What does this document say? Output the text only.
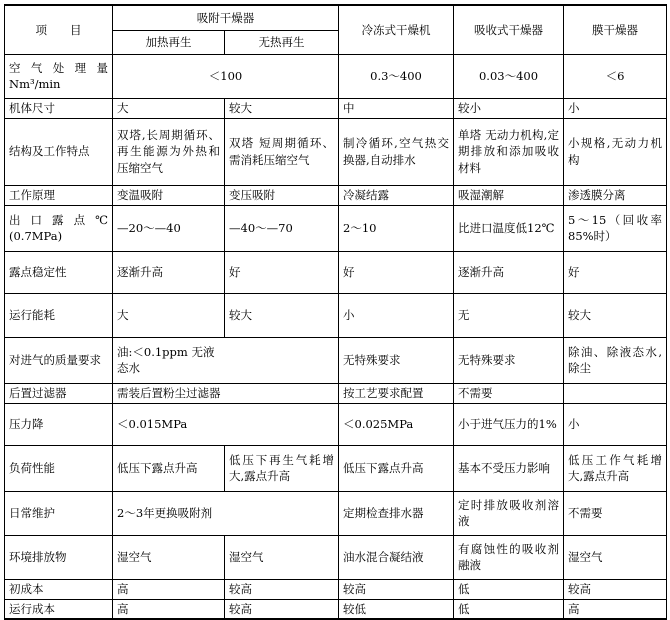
项　　目	吸附干燥器		冷冻式干燥机	吸收式干燥器	膜干燥器
	加热再生	无热再生			
空气处理量 Nm³/min	＜100		0.3～400	0.03～400	＜6
机体尺寸	大	较大	中	较小	小
结构及工作特点	双塔,长周期循环、再生能源为外热和压缩空气	双塔 短周期循环、需消耗压缩空气	制冷循环,空气热交换器,自动排水	单塔 无动力机构,定期排放和添加吸收材料	小规格,无动力机构
工作原理	变温吸附	变压吸附	冷凝结露	吸湿潮解	渗透膜分离
出口露点℃ (0.7MPa)	—20～—40	—40～—70	2～10	比进口温度低12℃	5～15（回收率85%时）
露点稳定性	逐渐升高	好	好	逐渐升高	好
运行能耗	大	较大	小	无	较大
对进气的质量要求	油:＜0.1ppm 无液态水		无特殊要求	无特殊要求	除油、除液态水,除尘
后置过滤器	需装后置粉尘过滤器		按工艺要求配置	不需要	
压力降	＜0.015MPa		＜0.025MPa	小于进气压力的1%	小
负荷性能	低压下露点升高	低压下再生气耗增大,露点升高	低压下露点升高	基本不受压力影响	低压工作气耗增大,露点升高
日常维护	2～3年更换吸附剂		定期检查排水器	定时排放吸收剂溶液	不需要
环境排放物	湿空气	湿空气	油水混合凝结液	有腐蚀性的吸收剂融液	湿空气
初成本	高	较高	较高	低	较高
运行成本	高	较高	较低	低	高
